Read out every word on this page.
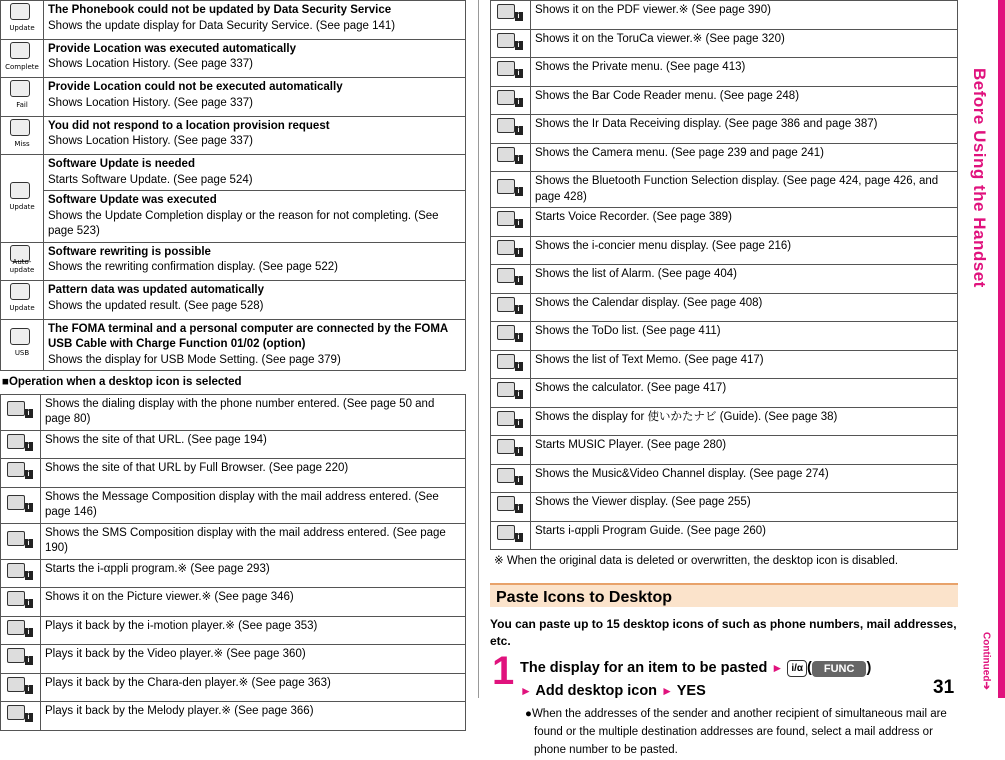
Update	The Phonebook could not be updated by Data Security Service
Shows the update display for Data Security Service. (See page 141)

Complete	Provide Location was executed automatically
Shows Location History. (See page 337)

Fail	Provide Location could not be executed automatically
Shows Location History. (See page 337)

Miss	You did not respond to a location provision request
Shows Location History. (See page 337)

Update	Software Update is needed
Starts Software Update. (See page 524)

	Software Update was executed
Shows the Update Completion display or the reason for not completing. (See page 523)

Auto-update	Software rewriting is possible
Shows the rewriting confirmation display. (See page 522)

Update	Pattern data was updated automatically
Shows the updated result. (See page 528)

USB	The FOMA terminal and a personal computer are connected by the FOMA USB Cable with Charge Function 01/02 (option)
Shows the display for USB Mode Setting. (See page 379)
■Operation when a desktop icon is selected
i	Shows the dialing display with the phone number entered. (See page 50 and page 80)

i	Shows the site of that URL. (See page 194)

i	Shows the site of that URL by Full Browser. (See page 220)

i	Shows the Message Composition display with the mail address entered. (See page 146)

i	Shows the SMS Composition display with the mail address entered. (See page 190)

i	Starts the i-αppli program.※ (See page 293)

i	Shows it on the Picture viewer.※ (See page 346)

i	Plays it back by the i-motion player.※ (See page 353)

i	Plays it back by the Video player.※ (See page 360)

i	Plays it back by the Chara-den player.※ (See page 363)

i	Plays it back by the Melody player.※ (See page 366)
i	Shows it on the PDF viewer.※ (See page 390)

i	Shows it on the ToruCa viewer.※ (See page 320)

i	Shows the Private menu. (See page 413)

i	Shows the Bar Code Reader menu. (See page 248)

i	Shows the Ir Data Receiving display. (See page 386 and page 387)

i	Shows the Camera menu. (See page 239 and page 241)

i	Shows the Bluetooth Function Selection display. (See page 424, page 426, and page 428)

i	Starts Voice Recorder. (See page 389)

i	Shows the i-concier menu display. (See page 216)

i	Shows the list of Alarm. (See page 404)

i	Shows the Calendar display. (See page 408)

i	Shows the ToDo list. (See page 411)

i	Shows the list of Text Memo. (See page 417)

i	Shows the calculator. (See page 417)

i	Shows the display for 使いかたナビ (Guide). (See page 38)

i	Starts MUSIC Player. (See page 280)

i	Shows the Music&Video Channel display. (See page 274)

i	Shows the Viewer display. (See page 255)

i	Starts i-αppli Program Guide. (See page 260)
※ When the original data is deleted or overwritten, the desktop icon is disabled.
Paste Icons to Desktop
You can paste up to 15 desktop icons of such as phone numbers, mail addresses, etc.
1 The display for an item to be pasted ► i/α ( FUNC )
► Add desktop icon ► YES
●When the addresses of the sender and another recipient of simultaneous mail are found or the multiple destination addresses are found, select a mail address or phone number to be pasted.
Before Using the Handset
Continued➔
31
